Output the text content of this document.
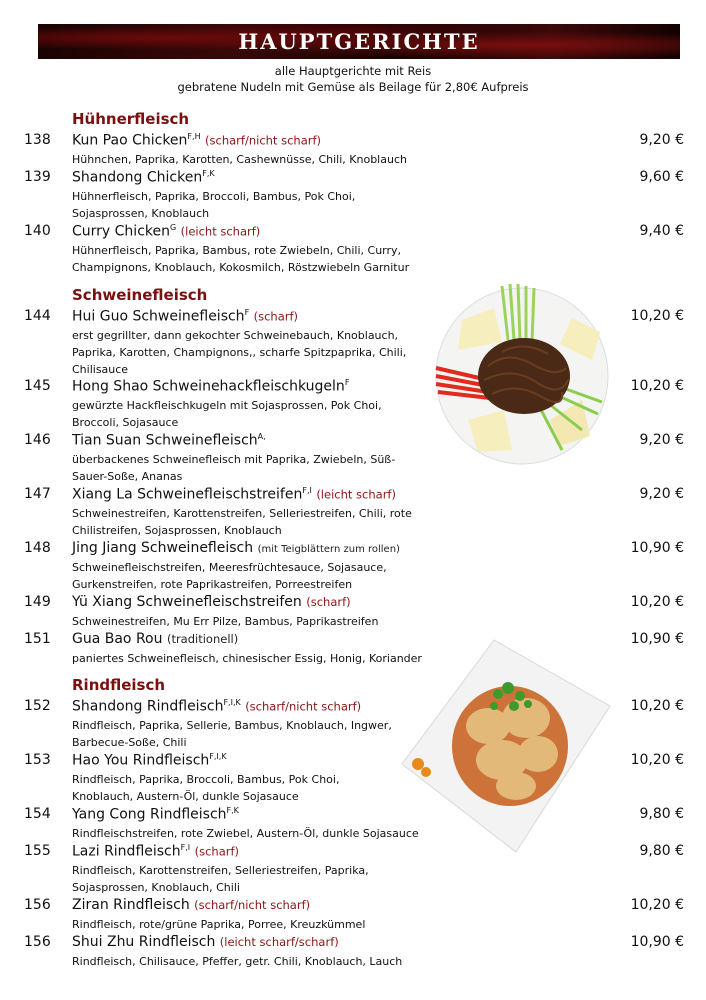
HAUPTGERICHTE
alle Hauptgerichte mit Reis
gebratene Nudeln mit Gemüse als Beilage für 2,80€ Aufpreis
Hühnerfleisch
Schweinefleisch
Rindfleisch
138	Kun Pao Chicken$^{F,H}$ (scharf/nicht scharf)
Hühnchen, Paprika, Karotten, Cashewnüsse, Chili, Knoblauch
9,20 €
139	Shandong Chicken$^{F,K}$
Hühnerfleisch, Paprika, Broccoli, Bambus, Pok Choi, Sojasprossen, Knoblauch
9,60 €
140	Curry Chicken$^G$ (leicht scharf)
Hühnerfleisch, Paprika, Bambus, rote Zwiebeln, Chili, Curry, Champignons, Knoblauch, Kokosmilch, Röstzwiebeln Garnitur
9,40 €
144	Hui Guo Schweinefleisch$^F$ (scharf)
erst gegrillter, dann gekochter Schweinebauch, Knoblauch, Paprika, Karotten, Champignons,, scharfe Spitzpaprika, Chili, Chilisauce
10,20 €
145	Hong Shao Schweinehackfleischkugeln$^F$
gewürzte Hackfleischkugeln mit Sojasprossen, Pok Choi, Broccoli, Sojasauce
10,20 €
146	Tian Suan Schweinefleisch$^{A,}$
überbackenes Schweinefleisch mit Paprika, Zwiebeln, Süß-Sauer-Soße, Ananas
9,20 €
147	Xiang La Schweinefleischstreifen$^{F,I}$ (leicht scharf)
Schweinestreifen, Karottenstreifen, Selleriestreifen, Chili, rote Chilistreifen, Sojasprossen, Knoblauch
9,20 €
148	Jing Jiang Schweinefleisch (mit Teigblättern zum rollen)
Schweinefleischstreifen, Meeresfrüchtesauce, Sojasauce, Gurkenstreifen, rote Paprikastreifen, Porreestreifen
10,90 €
149	Yü Xiang Schweinefleischstreifen (scharf)
Schweinestreifen, Mu Err Pilze, Bambus, Paprikastreifen
10,20 €
151	Gua Bao Rou (traditionell)
paniertes Schweinefleisch, chinesischer Essig, Honig, Koriander
10,90 €
152	Shandong Rindfleisch$^{F,I,K}$ (scharf/nicht scharf)
Rindfleisch, Paprika, Sellerie, Bambus, Knoblauch, Ingwer, Barbecue-Soße, Chili
10,20 €
153	Hao You Rindfleisch$^{F,I,K}$
Rindfleisch, Paprika, Broccoli, Bambus, Pok Choi, Knoblauch, Austern-Öl, dunkle Sojasauce
10,20 €
154	Yang Cong Rindfleisch$^{F,K}$
Rindfleischstreifen, rote Zwiebel, Austern-Öl, dunkle Sojasauce
9,80 €
155	Lazi Rindfleisch$^{F,I}$ (scharf)
Rindfleisch, Karottenstreifen, Selleriestreifen, Paprika, Sojasprossen, Knoblauch, Chili
9,80 €
156	Ziran Rindfleisch (scharf/nicht scharf)
Rindfleisch, rote/grüne Paprika, Porree, Kreuzkümmel
10,20 €
156	Shui Zhu Rindfleisch (leicht scharf/scharf)
Rindfleisch, Chilisauce, Pfeffer, getr. Chili, Knoblauch, Lauch
10,90 €
